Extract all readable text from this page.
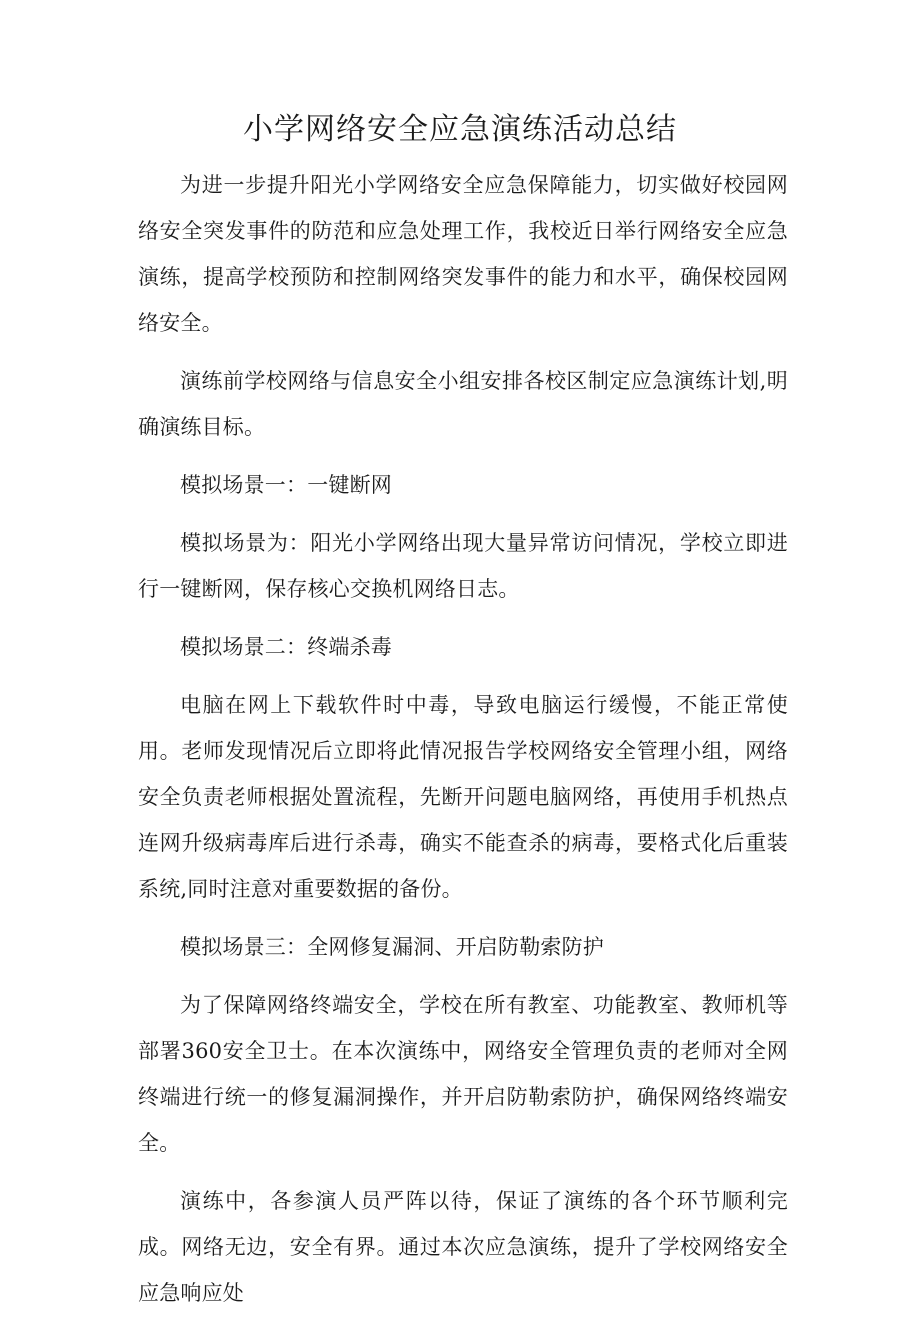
小学网络安全应急演练活动总结

为进一步提升阳光小学网络安全应急保障能力，切实做好校园网络安全突发事件的防范和应急处理工作，我校近日举行网络安全应急演练，提高学校预防和控制网络突发事件的能力和水平，确保校园网络安全。

演练前学校网络与信息安全小组安排各校区制定应急演练计划,明确演练目标。

模拟场景一：一键断网

模拟场景为：阳光小学网络出现大量异常访问情况，学校立即进行一键断网，保存核心交换机网络日志。

模拟场景二：终端杀毒

电脑在网上下载软件时中毒，导致电脑运行缓慢，不能正常使用。老师发现情况后立即将此情况报告学校网络安全管理小组，网络安全负责老师根据处置流程，先断开问题电脑网络，再使用手机热点连网升级病毒库后进行杀毒，确实不能查杀的病毒，要格式化后重装系统,同时注意对重要数据的备份。

模拟场景三：全网修复漏洞、开启防勒索防护

为了保障网络终端安全，学校在所有教室、功能教室、教师机等部署360安全卫士。在本次演练中，网络安全管理负责的老师对全网终端进行统一的修复漏洞操作，并开启防勒索防护，确保网络终端安全。

演练中，各参演人员严阵以待，保证了演练的各个环节顺利完成。网络无边，安全有界。通过本次应急演练，提升了学校网络安全应急响应处
